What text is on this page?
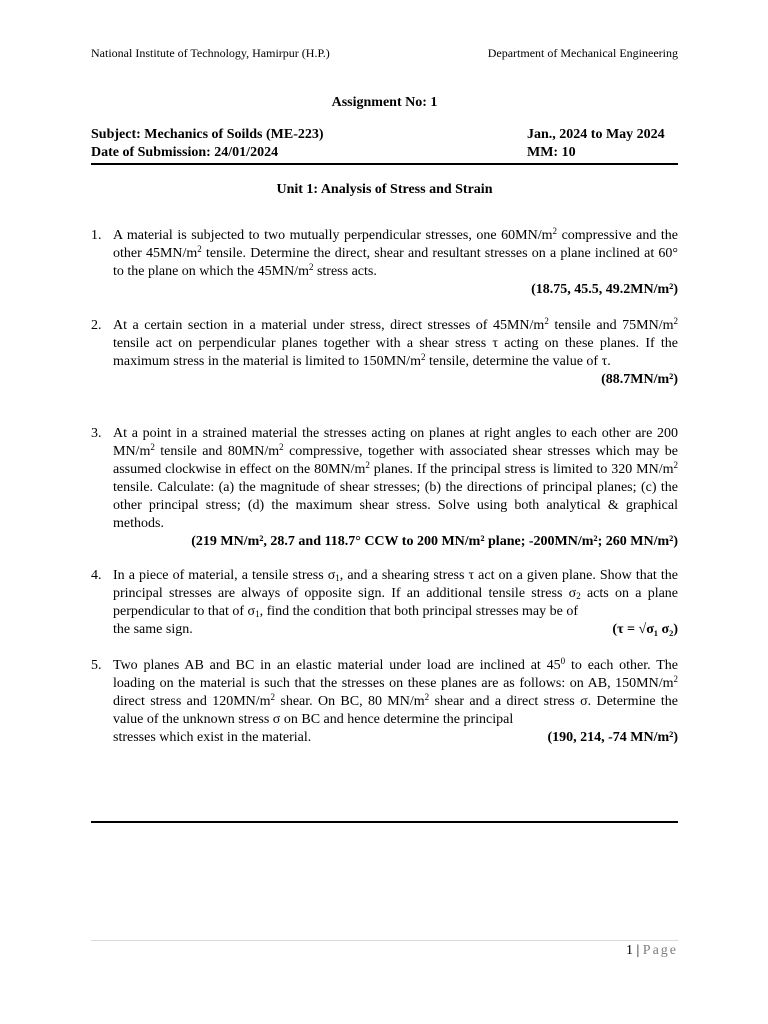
National Institute of Technology, Hamirpur (H.P.)	Department of Mechanical Engineering
Assignment No: 1
Subject: Mechanics of Soilds (ME-223)	Jan., 2024 to May 2024
Date of Submission: 24/01/2024	MM: 10
Unit 1: Analysis of Stress and Strain
1. A material is subjected to two mutually perpendicular stresses, one $60MN/m^2$ compressive and the other $45MN/m^2$ tensile. Determine the direct, shear and resultant stresses on a plane inclined at 60° to the plane on which the $45MN/m^2$ stress acts.
(18.75, 45.5, 49.2MN/m²)
2. At a certain section in a material under stress, direct stresses of $45MN/m^2$ tensile and $75MN/m^2$ tensile act on perpendicular planes together with a shear stress τ acting on these planes. If the maximum stress in the material is limited to $150MN/m^2$ tensile, determine the value of τ.
(88.7MN/m²)
3. At a point in a strained material the stresses acting on planes at right angles to each other are 200 $MN/m^2$ tensile and $80MN/m^2$ compressive, together with associated shear stresses which may be assumed clockwise in effect on the $80MN/m^2$ planes. If the principal stress is limited to 320 $MN/m^2$ tensile. Calculate: (a) the magnitude of shear stresses; (b) the directions of principal planes; (c) the other principal stress; (d) the maximum shear stress. Solve using both analytical & graphical methods.
(219 MN/m², 28.7 and 118.7° CCW to 200 MN/m² plane; -200MN/m²; 260 MN/m²)
4. In a piece of material, a tensile stress $\sigma_1$, and a shearing stress τ act on a given plane. Show that the principal stresses are always of opposite sign. If an additional tensile stress $\sigma_2$ acts on a plane perpendicular to that of $\sigma_1$, find the condition that both principal stresses may be of
the same sign.	(τ = √σ₁ σ₂)
5. Two planes AB and BC in an elastic material under load are inclined at $45^0$ to each other. The loading on the material is such that the stresses on these planes are as follows: on AB, $150MN/m^2$ direct stress and $120MN/m^2$ shear. On BC, 80 $MN/m^2$ shear and a direct stress σ. Determine the value of the unknown stress σ on BC and hence determine the principal
stresses which exist in the material.	(190, 214, -74 MN/m²)
1 | Page
